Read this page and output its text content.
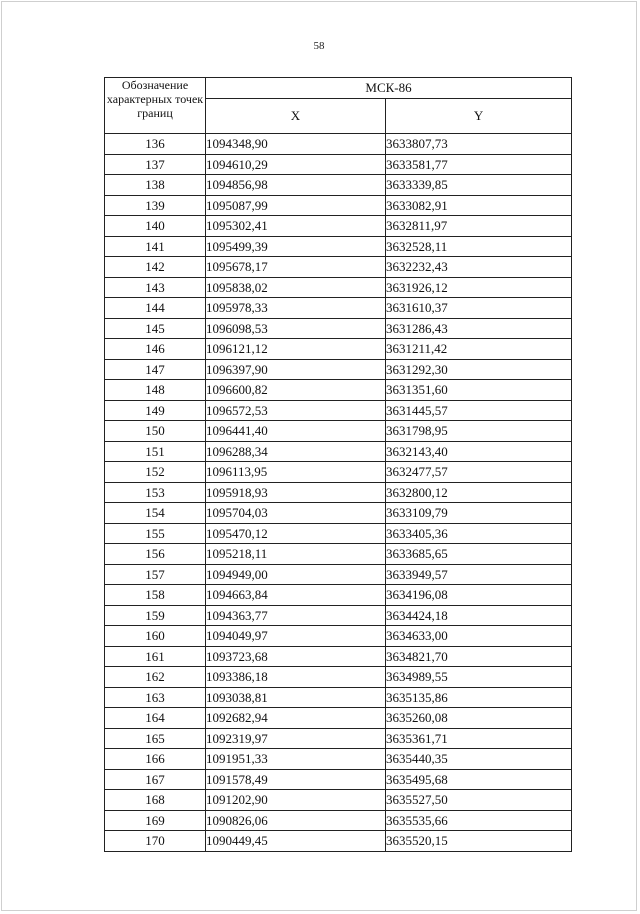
58
Обозначение характерных точек границ	МСК-86	
	X	Y
136	1094348,90	3633807,73
137	1094610,29	3633581,77
138	1094856,98	3633339,85
139	1095087,99	3633082,91
140	1095302,41	3632811,97
141	1095499,39	3632528,11
142	1095678,17	3632232,43
143	1095838,02	3631926,12
144	1095978,33	3631610,37
145	1096098,53	3631286,43
146	1096121,12	3631211,42
147	1096397,90	3631292,30
148	1096600,82	3631351,60
149	1096572,53	3631445,57
150	1096441,40	3631798,95
151	1096288,34	3632143,40
152	1096113,95	3632477,57
153	1095918,93	3632800,12
154	1095704,03	3633109,79
155	1095470,12	3633405,36
156	1095218,11	3633685,65
157	1094949,00	3633949,57
158	1094663,84	3634196,08
159	1094363,77	3634424,18
160	1094049,97	3634633,00
161	1093723,68	3634821,70
162	1093386,18	3634989,55
163	1093038,81	3635135,86
164	1092682,94	3635260,08
165	1092319,97	3635361,71
166	1091951,33	3635440,35
167	1091578,49	3635495,68
168	1091202,90	3635527,50
169	1090826,06	3635535,66
170	1090449,45	3635520,15
